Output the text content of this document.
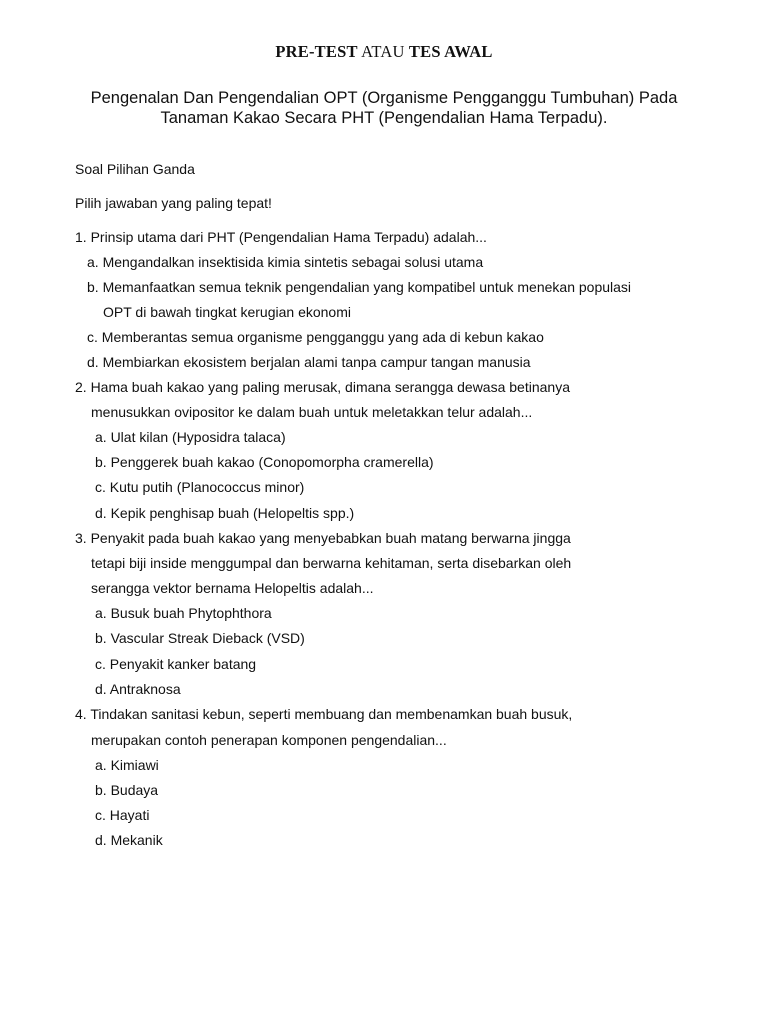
PRE-TEST ATAU TES AWAL
Pengenalan Dan Pengendalian OPT (Organisme Pengganggu Tumbuhan) Pada
Tanaman Kakao Secara PHT (Pengendalian Hama Terpadu).
Soal Pilihan Ganda
Pilih jawaban yang paling tepat!
1. Prinsip utama dari PHT (Pengendalian Hama Terpadu) adalah...
a. Mengandalkan insektisida kimia sintetis sebagai solusi utama
b. Memanfaatkan semua teknik pengendalian yang kompatibel untuk menekan populasi
OPT di bawah tingkat kerugian ekonomi
c. Memberantas semua organisme pengganggu yang ada di kebun kakao
d. Membiarkan ekosistem berjalan alami tanpa campur tangan manusia
2. Hama buah kakao yang paling merusak, dimana serangga dewasa betinanya
menusukkan ovipositor ke dalam buah untuk meletakkan telur adalah...
a. Ulat kilan (Hyposidra talaca)
b. Penggerek buah kakao (Conopomorpha cramerella)
c. Kutu putih (Planococcus minor)
d. Kepik penghisap buah (Helopeltis spp.)
3. Penyakit pada buah kakao yang menyebabkan buah matang berwarna jingga
tetapi biji inside menggumpal dan berwarna kehitaman, serta disebarkan oleh
serangga vektor bernama Helopeltis adalah...
a. Busuk buah Phytophthora
b. Vascular Streak Dieback (VSD)
c. Penyakit kanker batang
d. Antraknosa
4. Tindakan sanitasi kebun, seperti membuang dan membenamkan buah busuk,
merupakan contoh penerapan komponen pengendalian...
a. Kimiawi
b. Budaya
c. Hayati
d. Mekanik
